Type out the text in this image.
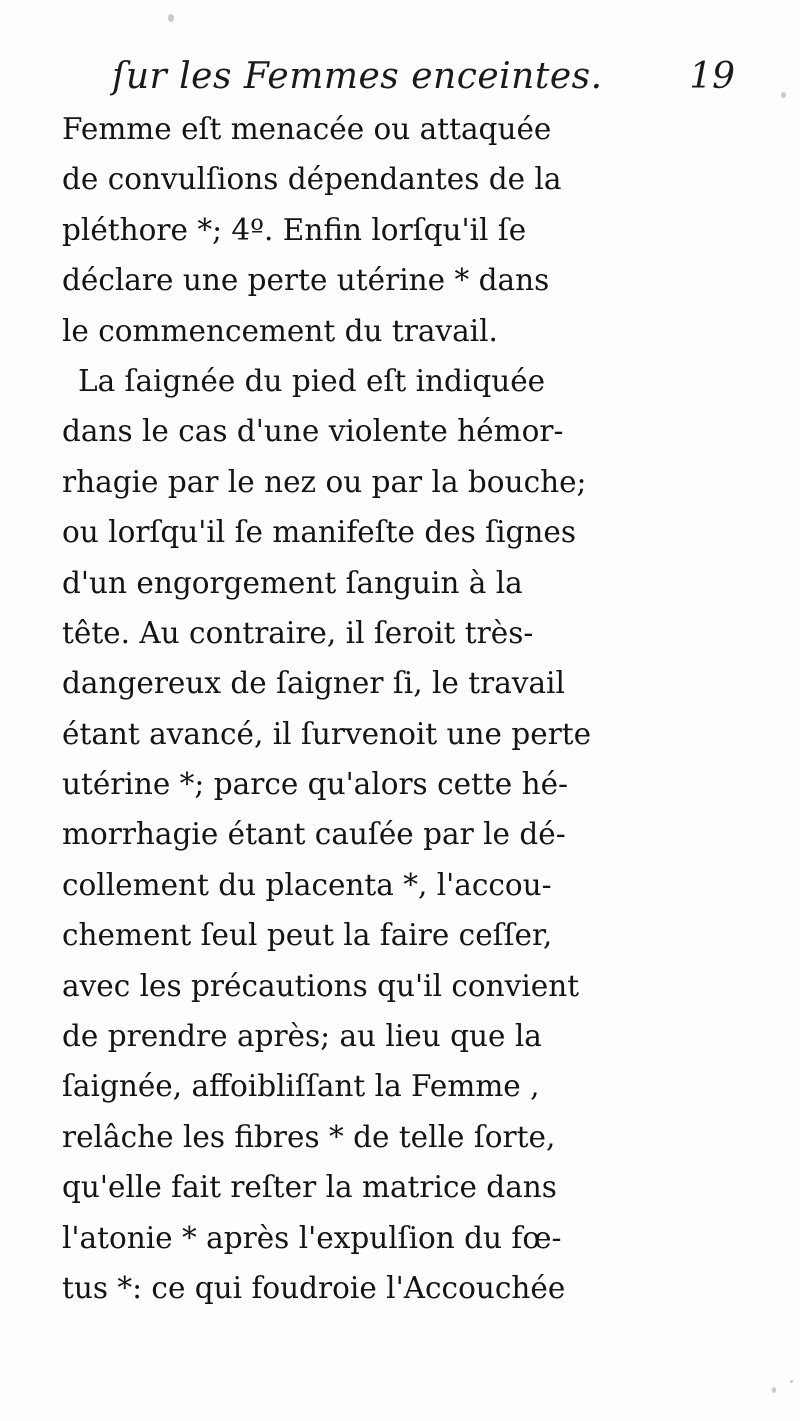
ſur les Femmes enceintes. 19
Femme eſt menacée ou attaquée
de convulſions dépendantes de la
pléthore *; 4º. Enfin lorſqu'il ſe
déclare une perte utérine * dans
le commencement du travail.
La ſaignée du pied eſt indiquée
dans le cas d'une violente hémor-
rhagie par le nez ou par la bouche;
ou lorſqu'il ſe manifeſte des ſignes
d'un engorgement ſanguin à la
tête. Au contraire, il ſeroit très-
dangereux de ſaigner ſi, le travail
étant avancé, il ſurvenoit une perte
utérine *; parce qu'alors cette hé-
morrhagie étant cauſée par le dé-
collement du placenta *, l'accou-
chement ſeul peut la faire ceſſer,
avec les précautions qu'il convient
de prendre après; au lieu que la
ſaignée, affoibliſſant la Femme ,
relâche les fibres * de telle ſorte,
qu'elle fait reſter la matrice dans
l'atonie * après l'expulſion du fœ-
tus *: ce qui foudroie l'Accouchée
